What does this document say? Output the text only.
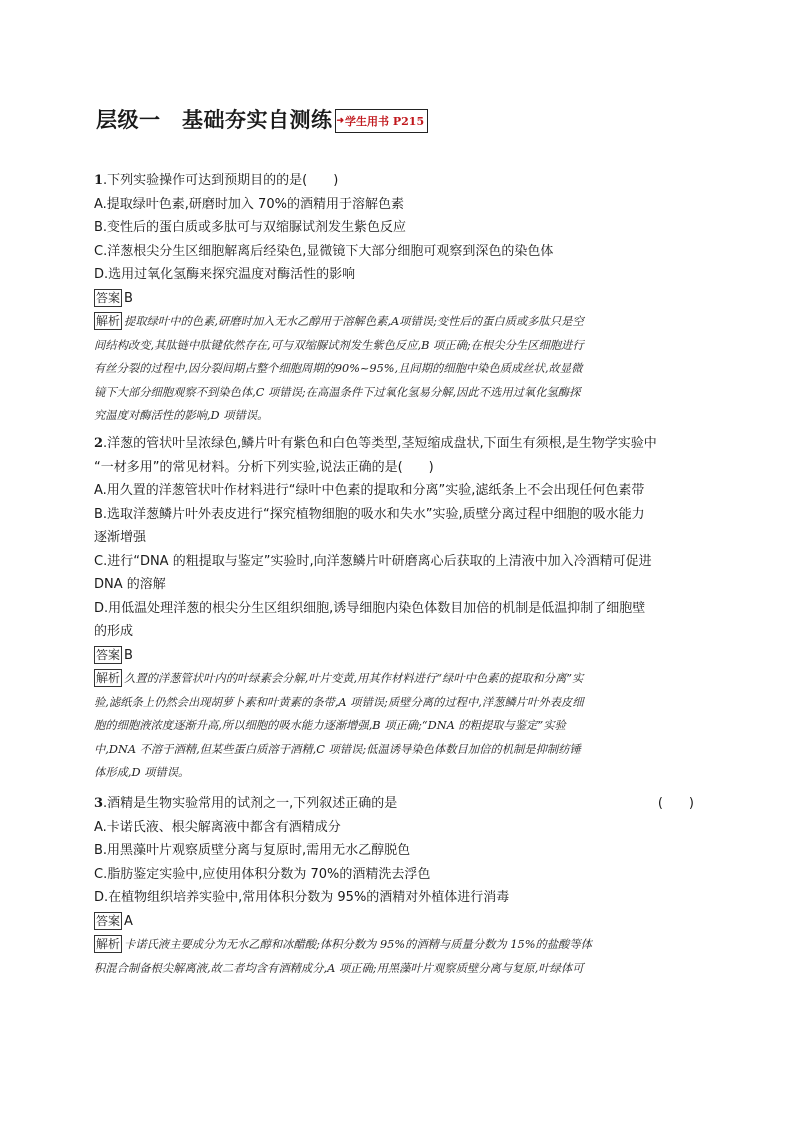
层级一　基础夯实自测练 ➜ 学生用书 P215
1.下列实验操作可达到预期目的的是(　　)
A.提取绿叶色素,研磨时加入 70%的酒精用于溶解色素
B.变性后的蛋白质或多肽可与双缩脲试剂发生紫色反应
C.洋葱根尖分生区细胞解离后经染色,显微镜下大部分细胞可观察到深色的染色体
D.选用过氧化氢酶来探究温度对酶活性的影响
答案 B
解析 提取绿叶中的色素,研磨时加入无水乙醇用于溶解色素,A项错误;变性后的蛋白质或多肽只是空
间结构改变,其肽链中肽键依然存在,可与双缩脲试剂发生紫色反应,B 项正确;在根尖分生区细胞进行
有丝分裂的过程中,因分裂间期占整个细胞周期的90%~95%,且间期的细胞中染色质成丝状,故显微
镜下大部分细胞观察不到染色体,C 项错误;在高温条件下过氧化氢易分解,因此不选用过氧化氢酶探
究温度对酶活性的影响,D 项错误。
2.洋葱的管状叶呈浓绿色,鳞片叶有紫色和白色等类型,茎短缩成盘状,下面生有须根,是生物学实验中
“一材多用”的常见材料。分析下列实验,说法正确的是(　　)
A.用久置的洋葱管状叶作材料进行“绿叶中色素的提取和分离”实验,滤纸条上不会出现任何色素带
B.选取洋葱鳞片叶外表皮进行“探究植物细胞的吸水和失水”实验,质壁分离过程中细胞的吸水能力
逐渐增强
C.进行“DNA 的粗提取与鉴定”实验时,向洋葱鳞片叶研磨离心后获取的上清液中加入冷酒精可促进
DNA 的溶解
D.用低温处理洋葱的根尖分生区组织细胞,诱导细胞内染色体数目加倍的机制是低温抑制了细胞壁
的形成
答案 B
解析 久置的洋葱管状叶内的叶绿素会分解,叶片变黄,用其作材料进行“绿叶中色素的提取和分离”实
验,滤纸条上仍然会出现胡萝卜素和叶黄素的条带,A 项错误;质壁分离的过程中,洋葱鳞片叶外表皮细
胞的细胞液浓度逐渐升高,所以细胞的吸水能力逐渐增强,B 项正确;“DNA 的粗提取与鉴定”实验
中,DNA 不溶于酒精,但某些蛋白质溶于酒精,C 项错误;低温诱导染色体数目加倍的机制是抑制纺锤
体形成,D 项错误。
3.酒精是生物实验常用的试剂之一,下列叙述正确的是	(　　)
A.卡诺氏液、根尖解离液中都含有酒精成分
B.用黑藻叶片观察质壁分离与复原时,需用无水乙醇脱色
C.脂肪鉴定实验中,应使用体积分数为 70%的酒精洗去浮色
D.在植物组织培养实验中,常用体积分数为 95%的酒精对外植体进行消毒
答案 A
解析 卡诺氏液主要成分为无水乙醇和冰醋酸;体积分数为 95%的酒精与质量分数为 15%的盐酸等体
积混合制备根尖解离液,故二者均含有酒精成分,A 项正确;用黑藻叶片观察质壁分离与复原,叶绿体可
